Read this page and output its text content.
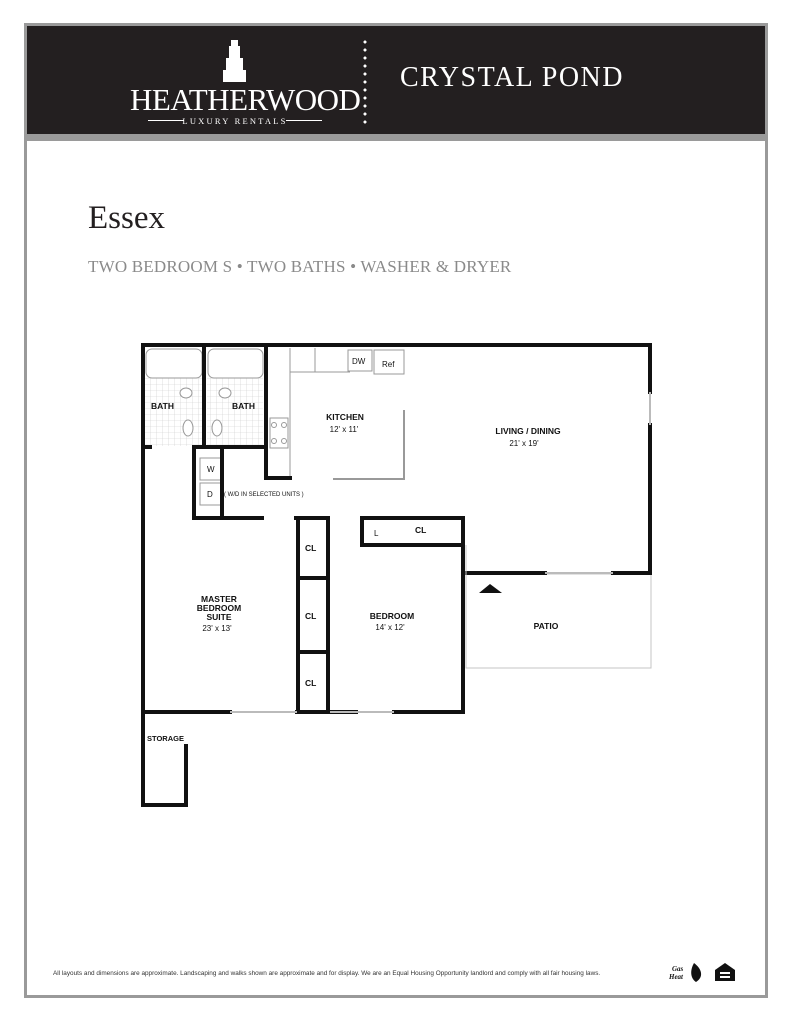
HEATHERWOOD
LUXURY RENTALS
CRYSTAL POND
Essex
TWO BEDROOM S • TWO BATHS • WASHER & DRYER
BATH	BATH
KITCHEN
12' x 11'
DW Ref
LIVING / DINING
21' x 19'
W
D ( W/D IN SELECTED UNITS )
L	CL
CL
CL
CL
MASTER
BEDROOM
SUITE
23' x 13'
BEDROOM
14' x 12'	PATIO
STORAGE
All layouts and dimensions are approximate. Landscaping and walks shown are approximate and for display. We are an Equal Housing Opportunity landlord and comply with all fair housing laws.
Gas
Heat
